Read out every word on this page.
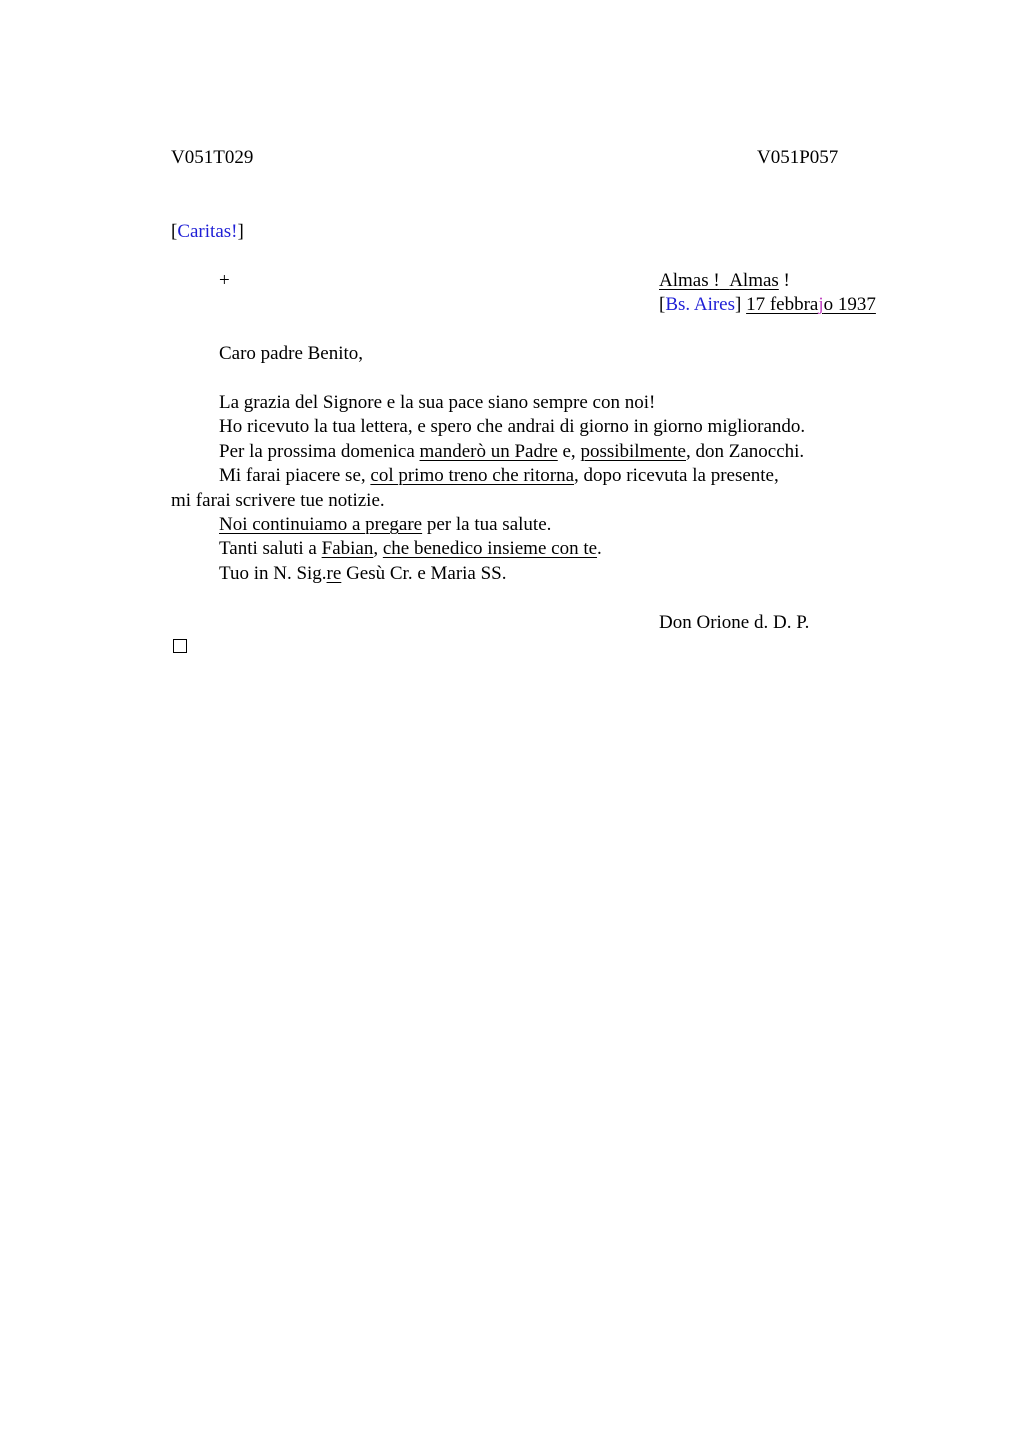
V051T029	V051P057
[Caritas!]
+	Almas ! Almas !
[Bs. Aires] 17 febbrajo 1937
Caro padre Benito,
La grazia del Signore e la sua pace siano sempre con noi!
Ho ricevuto la tua lettera, e spero che andrai di giorno in giorno migliorando.
Per la prossima domenica manderò un Padre e, possibilmente, don Zanocchi.
Mi farai piacere se, col primo treno che ritorna, dopo ricevuta la presente,
mi farai scrivere tue notizie.
Noi continuiamo a pregare per la tua salute.
Tanti saluti a Fabian, che benedico insieme con te.
Tuo in N. Sig.re Gesù Cr. e Maria SS.
Don Orione d. D. P.
